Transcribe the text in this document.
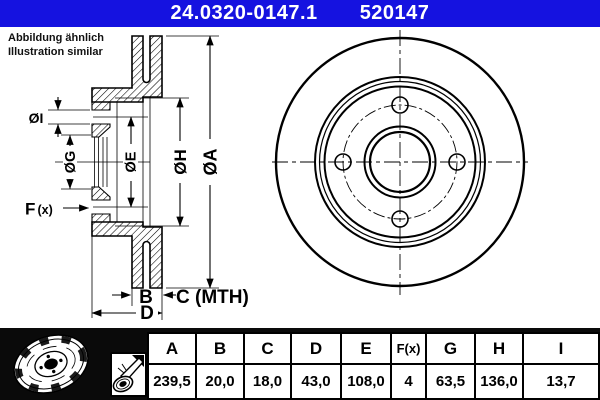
24.0320-0147.1 520147
Abbildung ähnlich
Illustration similar
ØI
ØG	ØE ØH ØA
F (x)
B C (MTH)
D
A	B	C	D	E	F(x)	G	H	I
239,5	20,0	18,0	43,0	108,0	4	63,5	136,0	13,7
